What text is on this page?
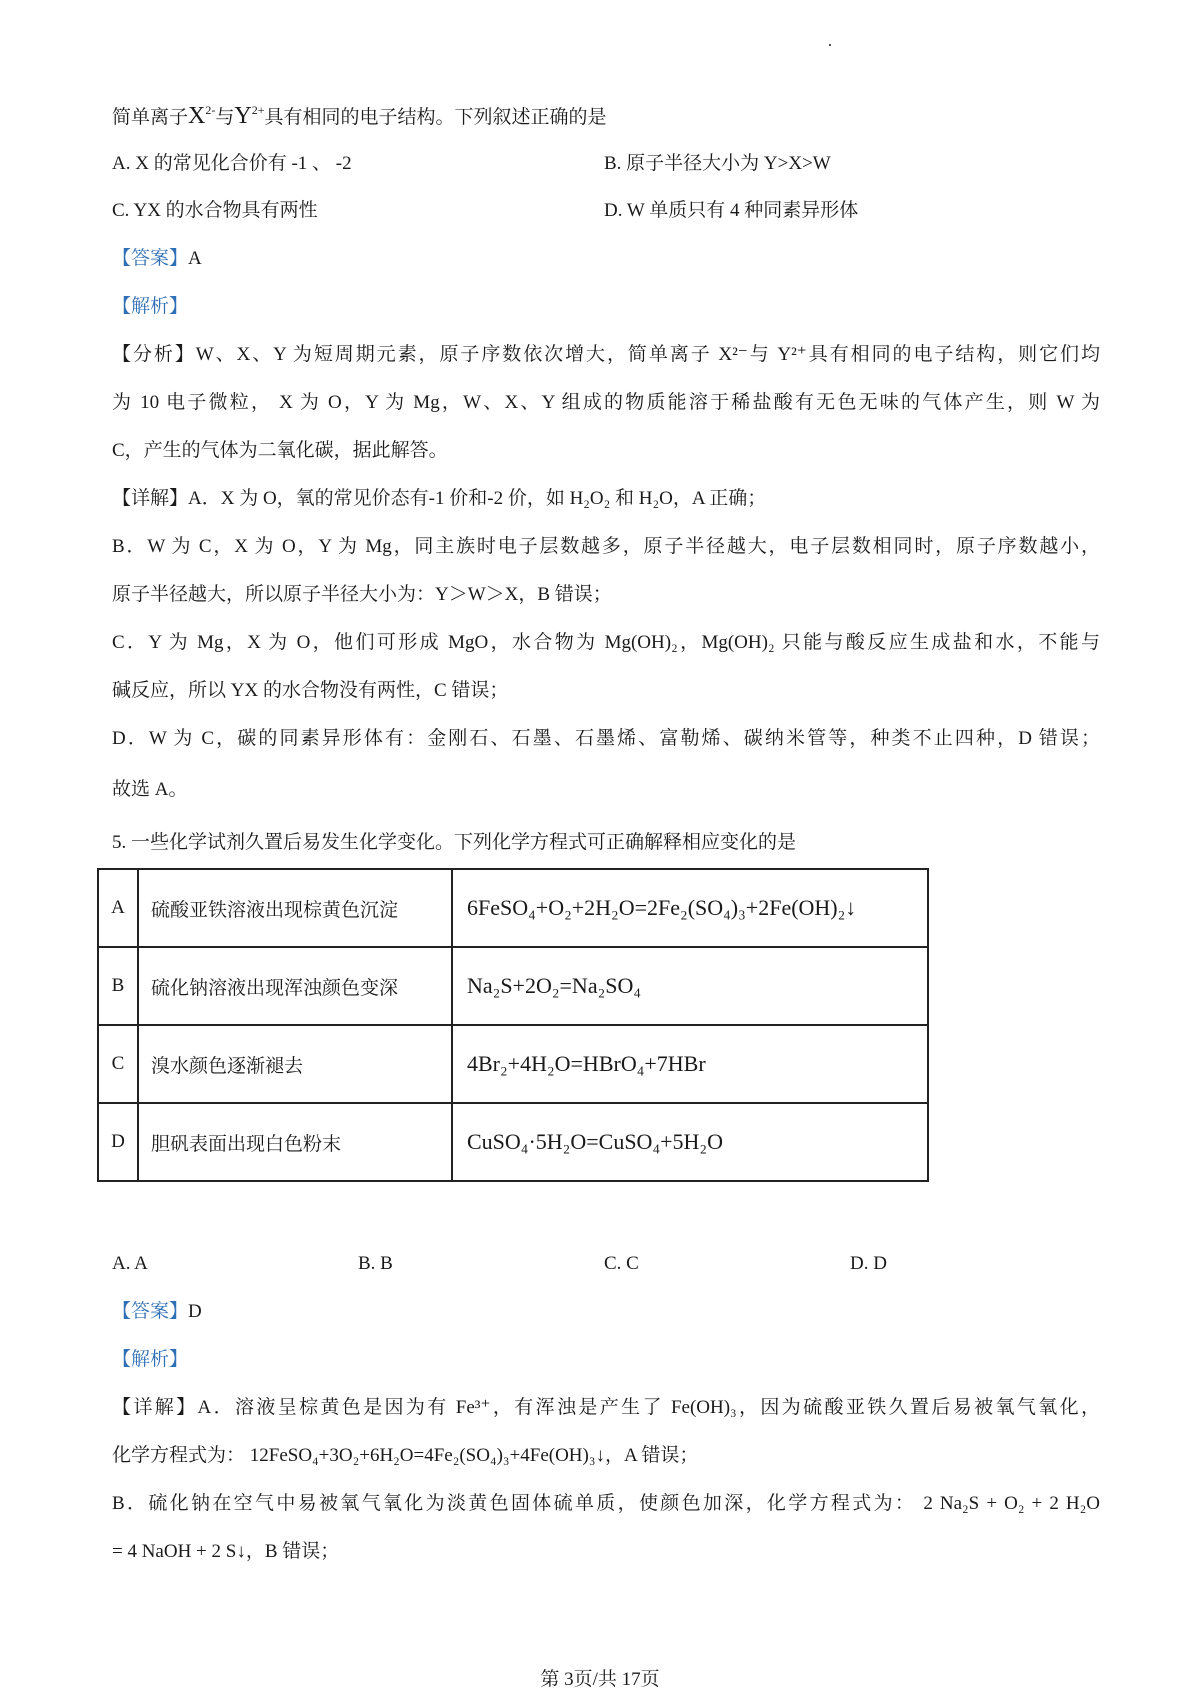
简单离子$X^{2-}$与$Y^{2+}$具有相同的电子结构。下列叙述正确的是
A. X 的常见化合价有 -1 、 -2	B. 原子半径大小为 Y>X>W
C. YX 的水合物具有两性	D. W 单质只有 4 种同素异形体
【答案】A
【解析】
【分析】W、X、Y 为短周期元素，原子序数依次增大，简单离子 X²⁻与 Y²⁺具有相同的电子结构，则它们均
为 10 电子微粒， X 为 O，Y 为 Mg，W、X、Y 组成的物质能溶于稀盐酸有无色无味的气体产生，则 W 为
C，产生的气体为二氧化碳，据此解答。
【详解】A．X 为 O，氧的常见价态有-1 价和-2 价，如 H₂O₂ 和 H₂O，A 正确；
B．W 为 C，X 为 O，Y 为 Mg，同主族时电子层数越多，原子半径越大，电子层数相同时，原子序数越小，
原子半径越大，所以原子半径大小为：Y＞W＞X，B 错误；
C．Y 为 Mg，X 为 O，他们可形成 MgO，水合物为 Mg(OH)₂，Mg(OH)₂ 只能与酸反应生成盐和水，不能与
碱反应，所以 YX 的水合物没有两性，C 错误；
D．W 为 C，碳的同素异形体有：金刚石、石墨、石墨烯、富勒烯、碳纳米管等，种类不止四种，D 错误；
故选 A。
5. 一些化学试剂久置后易发生化学变化。下列化学方程式可正确解释相应变化的是
A	硫酸亚铁溶液出现棕黄色沉淀	6FeSO₄+O₂+2H₂O=2Fe₂(SO₄)₃+2Fe(OH)₂↓
B	硫化钠溶液出现浑浊颜色变深	Na₂S+2O₂=Na₂SO₄
C	溴水颜色逐渐褪去	4Br₂+4H₂O=HBrO₄+7HBr
D	胆矾表面出现白色粉末	CuSO₄·5H₂O=CuSO₄+5H₂O
A. A	B. B	C. C	D. D
【答案】D
【解析】
【详解】A．溶液呈棕黄色是因为有 Fe³⁺，有浑浊是产生了 Fe(OH)₃，因为硫酸亚铁久置后易被氧气氧化，
化学方程式为： 12FeSO₄+3O₂+6H₂O=4Fe₂(SO₄)₃+4Fe(OH)₃↓，A 错误；
B．硫化钠在空气中易被氧气氧化为淡黄色固体硫单质，使颜色加深，化学方程式为： 2 Na₂S + O₂ + 2 H₂O
= 4 NaOH + 2 S↓，B 错误；
第 3页/共 17页
